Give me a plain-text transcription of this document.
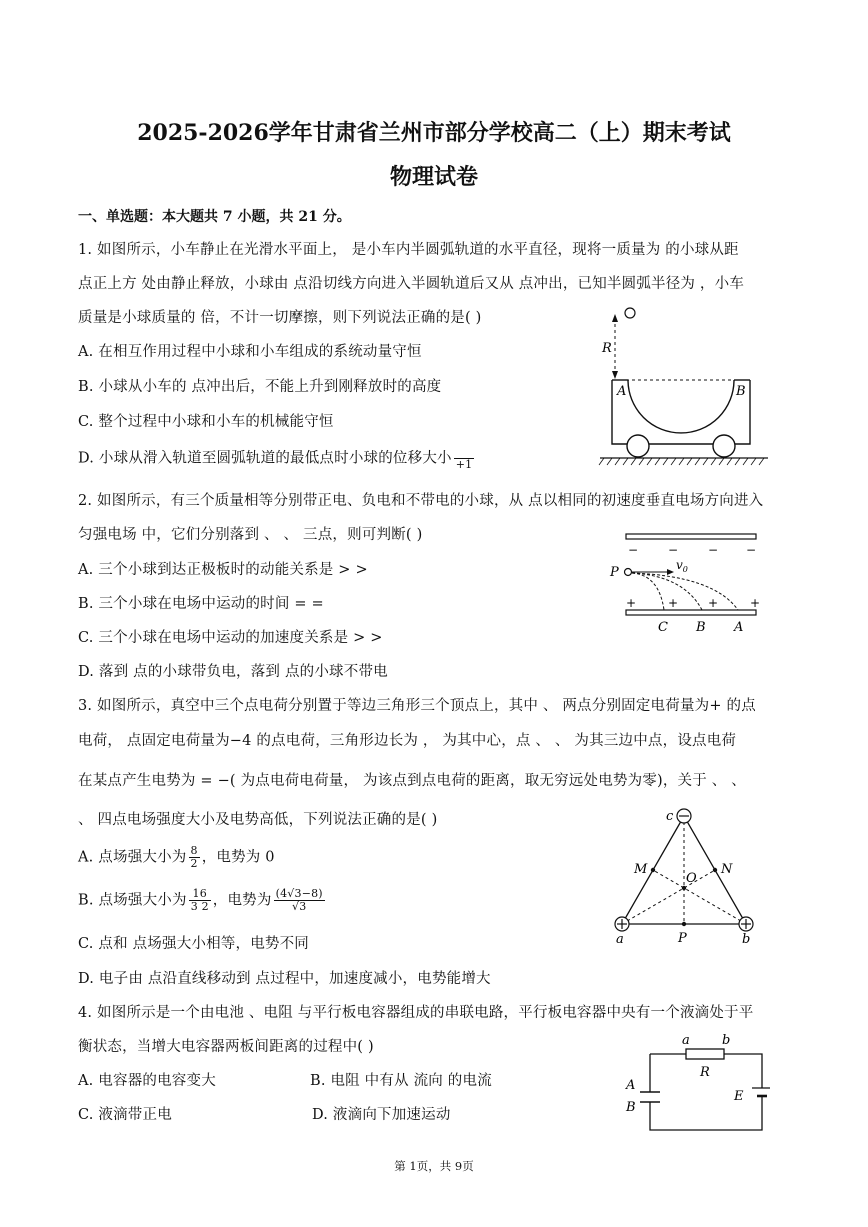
2025-2026学年甘肃省兰州市部分学校高二（上）期末考试
物理试卷
一、单选题：本大题共 7 小题，共 21 分。
1. 如图所示，小车静止在光滑水平面上， 是小车内半圆弧轨道的水平直径，现将一质量为 的小球从距
点正上方 处由静止释放，小球由 点沿切线方向进入半圆轨道后又从 点冲出，已知半圆弧半径为 ，小车
质量是小球质量的 倍，不计一切摩擦，则下列说法正确的是( )
A. 在相互作用过程中小球和小车组成的系统动量守恒
B. 小球从小车的 点冲出后，不能上升到刚释放时的高度
C. 整个过程中小球和小车的机械能守恒
D. 小球从滑入轨道至圆弧轨道的最低点时小球的位移大小 +1
R
A	B
2. 如图所示，有三个质量相等分别带正电、负电和不带电的小球，从 点以相同的初速度垂直电场方向进入
匀强电场 中，它们分别落到 、 、 三点，则可判断( )
A. 三个小球到达正极板时的动能关系是 > >
B. 三个小球在电场中运动的时间 = =
C. 三个小球在电场中运动的加速度关系是 > >
D. 落到 点的小球带负电，落到 点的小球不带电
− − − −
P	$v_0$
+	+ +	+
C B A
3. 如图所示，真空中三个点电荷分别置于等边三角形三个顶点上，其中 、 两点分别固定电荷量为+ 的点
电荷， 点固定电荷量为−4 的点电荷，三角形边长为 ， 为其中心，点 、 、 为其三边中点，设点电荷
在某点产生电势为 = −( 为点电荷电荷量， 为该点到点电荷的距离，取无穷远处电势为零)，关于 、 、
、 四点电场强度大小及电势高低，下列说法正确的是( )
A. 点场强大小为 $\frac{8}{2}$ ，电势为 0
B. 点场强大小为 $\frac{16}{3 2}$ ，电势为 $\frac{(4√3-8)}{√3}$
C. 点和 点场强大小相等，电势不同
D. 电子由 点沿直线移动到 点过程中，加速度减小，电势能增大
c
M	N
O
a	P	b
4. 如图所示是一个由电池 、电阻 与平行板电容器组成的串联电路，平行板电容器中央有一个液滴处于平
衡状态，当增大电容器两板间距离的过程中( )
A. 电容器的电容变大	B. 电阻 中有从 流向 的电流
C. 液滴带正电	D. 液滴向下加速运动
a b
R
A
B
E
第 1页，共 9页
